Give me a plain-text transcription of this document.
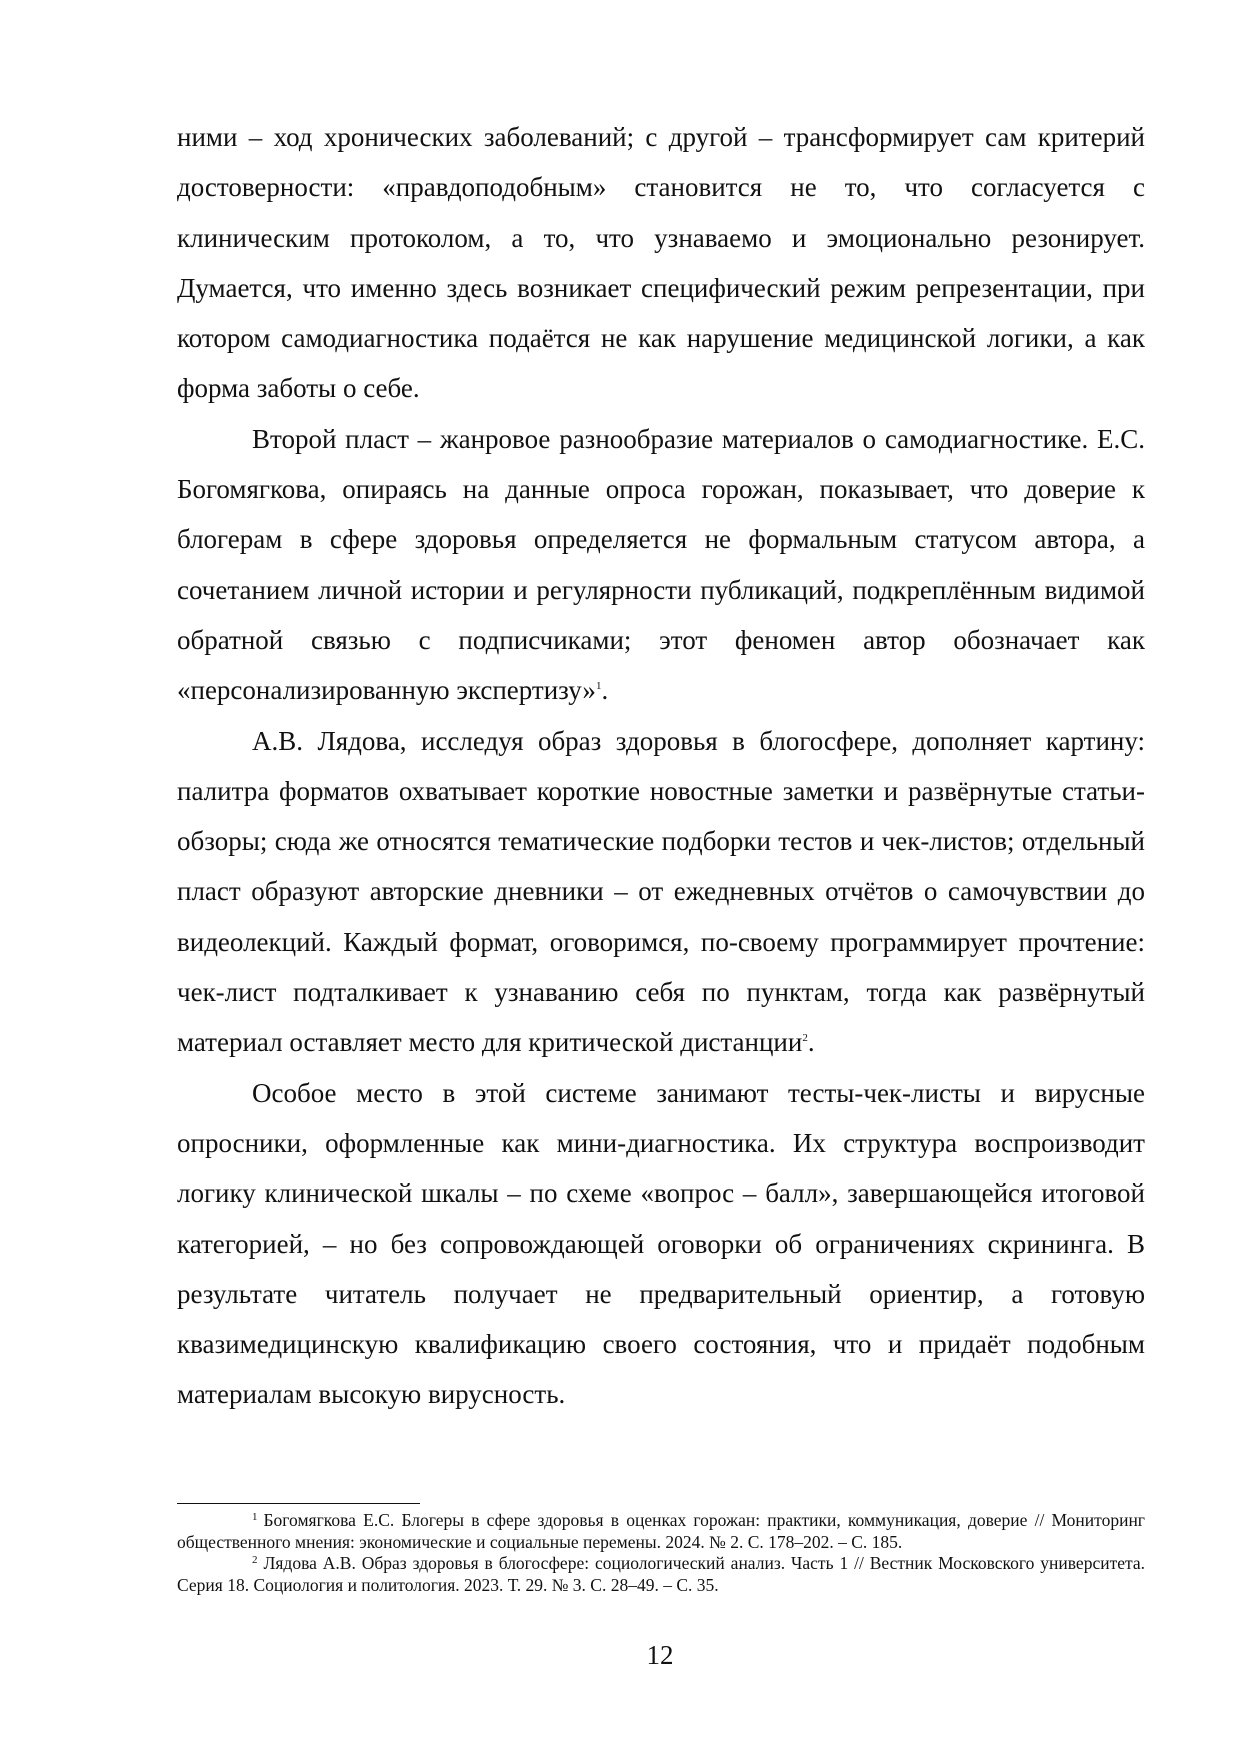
ними – ход хронических заболеваний; с другой – трансформирует сам критерий достоверности: «правдоподобным» становится не то, что согласуется с клиническим протоколом, а то, что узнаваемо и эмоционально резонирует. Думается, что именно здесь возникает специфический режим репрезентации, при котором самодиагностика подаётся не как нарушение медицинской логики, а как форма заботы о себе.

Второй пласт – жанровое разнообразие материалов о самодиагностике. Е.С. Богомягкова, опираясь на данные опроса горожан, показывает, что доверие к блогерам в сфере здоровья определяется не формальным статусом автора, а сочетанием личной истории и регулярности публикаций, подкреплённым видимой обратной связью с подписчиками; этот феномен автор обозначает как «персонализированную экспертизу»$^1$.

А.В. Лядова, исследуя образ здоровья в блогосфере, дополняет картину: палитра форматов охватывает короткие новостные заметки и развёрнутые статьи-обзоры; сюда же относятся тематические подборки тестов и чек-листов; отдельный пласт образуют авторские дневники – от ежедневных отчётов о самочувствии до видеолекций. Каждый формат, оговоримся, по-своему программирует прочтение: чек-лист подталкивает к узнаванию себя по пунктам, тогда как развёрнутый материал оставляет место для критической дистанции$^2$.

Особое место в этой системе занимают тесты-чек-листы и вирусные опросники, оформленные как мини-диагностика. Их структура воспроизводит логику клинической шкалы – по схеме «вопрос – балл», завершающейся итоговой категорией, – но без сопровождающей оговорки об ограничениях скрининга. В результате читатель получает не предварительный ориентир, а готовую квазимедицинскую квалификацию своего состояния, что и придаёт подобным материалам высокую вирусность.

$^1$ Богомягкова Е.С. Блогеры в сфере здоровья в оценках горожан: практики, коммуникация, доверие // Мониторинг общественного мнения: экономические и социальные перемены. 2024. № 2. С. 178–202. – С. 185.

$^2$ Лядова А.В. Образ здоровья в блогосфере: социологический анализ. Часть 1 // Вестник Московского университета. Серия 18. Социология и политология. 2023. Т. 29. № 3. С. 28–49. – С. 35.

12
